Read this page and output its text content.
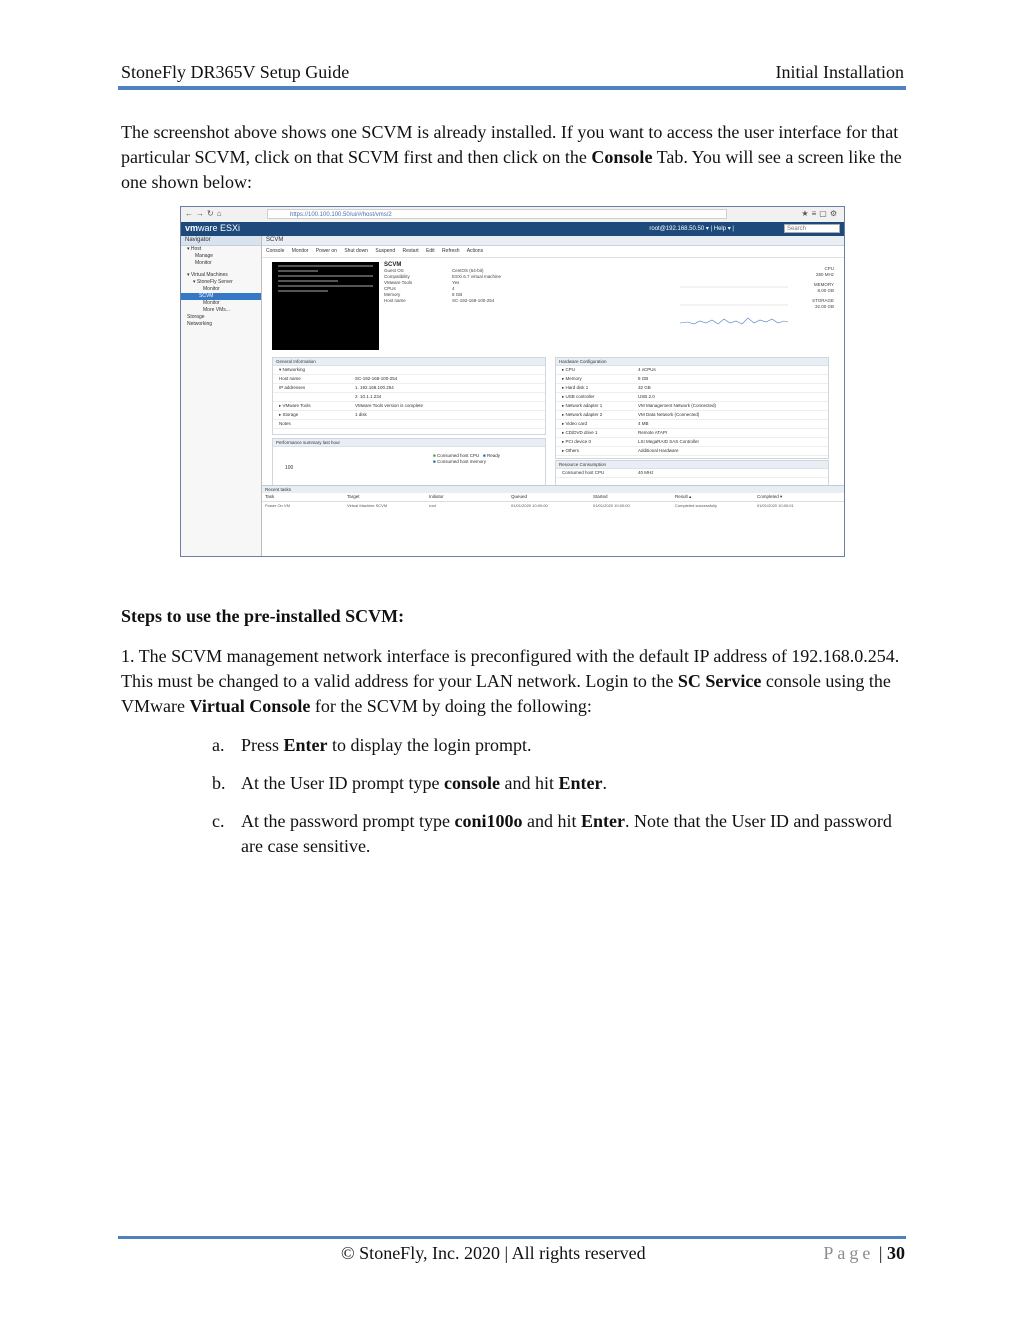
StoneFly DR365V Setup Guide	Initial Installation
The screenshot above shows one SCVM is already installed. If you want to access the user interface for that particular SCVM, click on that SCVM first and then click on the Console Tab. You will see a screen like the one shown below:
←→↻⌂	https://100.100.100.50/ui/#/host/vms/2	★≡▢⚙
vmware ESXi	root@192.168.50.50 ▾ | Help ▾ |	Search
Navigator
▾ Host
Manage
Monitor
▾ Virtual Machines
▾ StoneFly Server
Monitor
SCVM
Monitor
More VMs...
Storage
Networking
SCVM
Console Monitor Power on Shut down Suspend Restart Edit Refresh Actions
SCVM
Guest OS	CentOS (64-bit)
Compatibility	ESXi 6.7 virtual machine
VMware Tools	Yes
CPUs	4
Memory	8 GB
Host name	SC-192-168-100-254
CPU
280 MHz
MEMORY
8.00 GB
STORAGE
32.00 GB
General Information
▾ Networking
Host name	SC-192-168-100-254
IP addresses	1. 192.168.100.254
2. 10.1.1.234
▸ VMware Tools	VMware Tools version is complete
▸ Storage	1 disk
Notes
Performance summary last hour
■ Consumed host CPU ■ Ready
■ Consumed host memory
100
Hardware Configuration
▸ CPU	4 vCPUs
▸ Memory	8 GB
▸ Hard disk 1	32 GB
▸ USB controller	USB 2.0
▸ Network adapter 1	VM Management Network (Connected)
▸ Network adapter 2	VM Data Network (Connected)
▸ Video card	4 MB
▸ CD/DVD drive 1	Remote ATAPI
▸ PCI device 0	LSI MegaRAID SAS Controller
▸ Others	Additional Hardware
Resource Consumption
Consumed host CPU	40 MHz
Recent tasks
Task	Target	Initiator	Queued	Started	Result ▴	Completed ▾
Power On VM	Virtual Machine SCVM	root	01/01/2020 10:00:00	01/01/2020 10:00:00	Completed successfully	01/01/2020 10:00:01
Steps to use the pre-installed SCVM:
1. The SCVM management network interface is preconfigured with the default IP address of 192.168.0.254. This must be changed to a valid address for your LAN network. Login to the SC Service console using the VMware Virtual Console for the SCVM by doing the following:
a. Press Enter to display the login prompt.
b. At the User ID prompt type console and hit Enter.
c. At the password prompt type coni100o and hit Enter. Note that the User ID and password are case sensitive.
© StoneFly, Inc. 2020 | All rights reserved	Page | 30
